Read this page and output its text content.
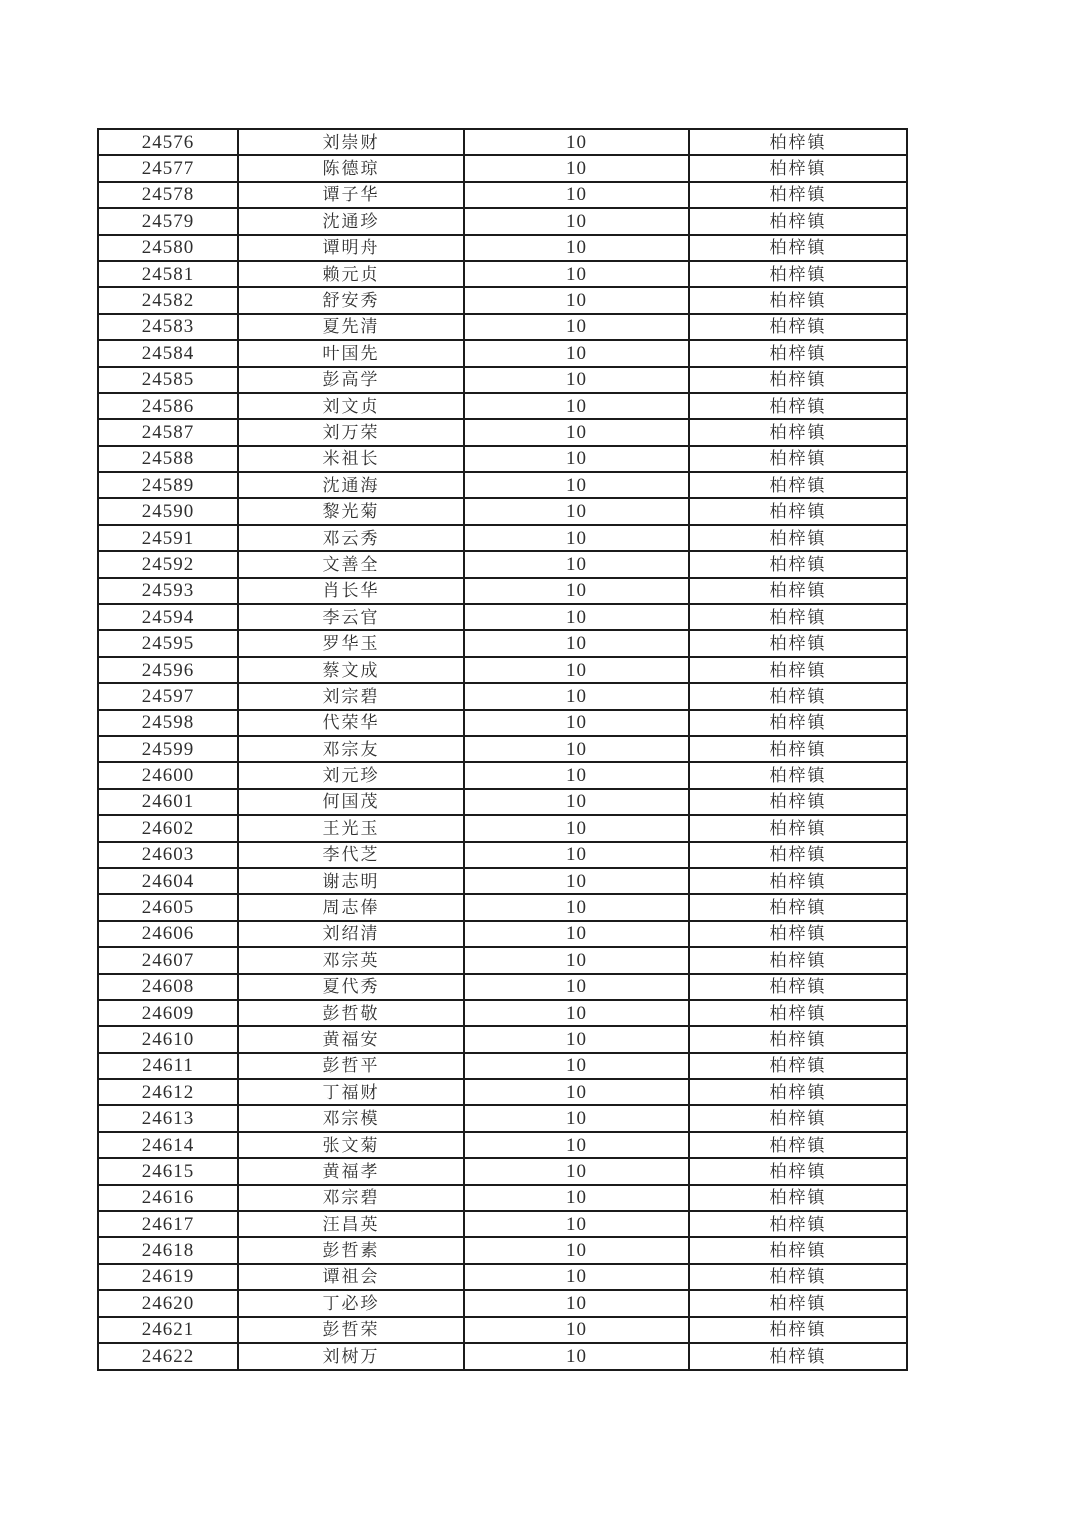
24576	刘崇财	10	柏梓镇
24577	陈德琼	10	柏梓镇
24578	谭子华	10	柏梓镇
24579	沈通珍	10	柏梓镇
24580	谭明舟	10	柏梓镇
24581	赖元贞	10	柏梓镇
24582	舒安秀	10	柏梓镇
24583	夏先清	10	柏梓镇
24584	叶国先	10	柏梓镇
24585	彭高学	10	柏梓镇
24586	刘文贞	10	柏梓镇
24587	刘万荣	10	柏梓镇
24588	米祖长	10	柏梓镇
24589	沈通海	10	柏梓镇
24590	黎光菊	10	柏梓镇
24591	邓云秀	10	柏梓镇
24592	文善全	10	柏梓镇
24593	肖长华	10	柏梓镇
24594	李云官	10	柏梓镇
24595	罗华玉	10	柏梓镇
24596	蔡文成	10	柏梓镇
24597	刘宗碧	10	柏梓镇
24598	代荣华	10	柏梓镇
24599	邓宗友	10	柏梓镇
24600	刘元珍	10	柏梓镇
24601	何国茂	10	柏梓镇
24602	王光玉	10	柏梓镇
24603	李代芝	10	柏梓镇
24604	谢志明	10	柏梓镇
24605	周志俸	10	柏梓镇
24606	刘绍清	10	柏梓镇
24607	邓宗英	10	柏梓镇
24608	夏代秀	10	柏梓镇
24609	彭哲敬	10	柏梓镇
24610	黄福安	10	柏梓镇
24611	彭哲平	10	柏梓镇
24612	丁福财	10	柏梓镇
24613	邓宗模	10	柏梓镇
24614	张文菊	10	柏梓镇
24615	黄福孝	10	柏梓镇
24616	邓宗碧	10	柏梓镇
24617	汪昌英	10	柏梓镇
24618	彭哲素	10	柏梓镇
24619	谭祖会	10	柏梓镇
24620	丁必珍	10	柏梓镇
24621	彭哲荣	10	柏梓镇
24622	刘树万	10	柏梓镇
